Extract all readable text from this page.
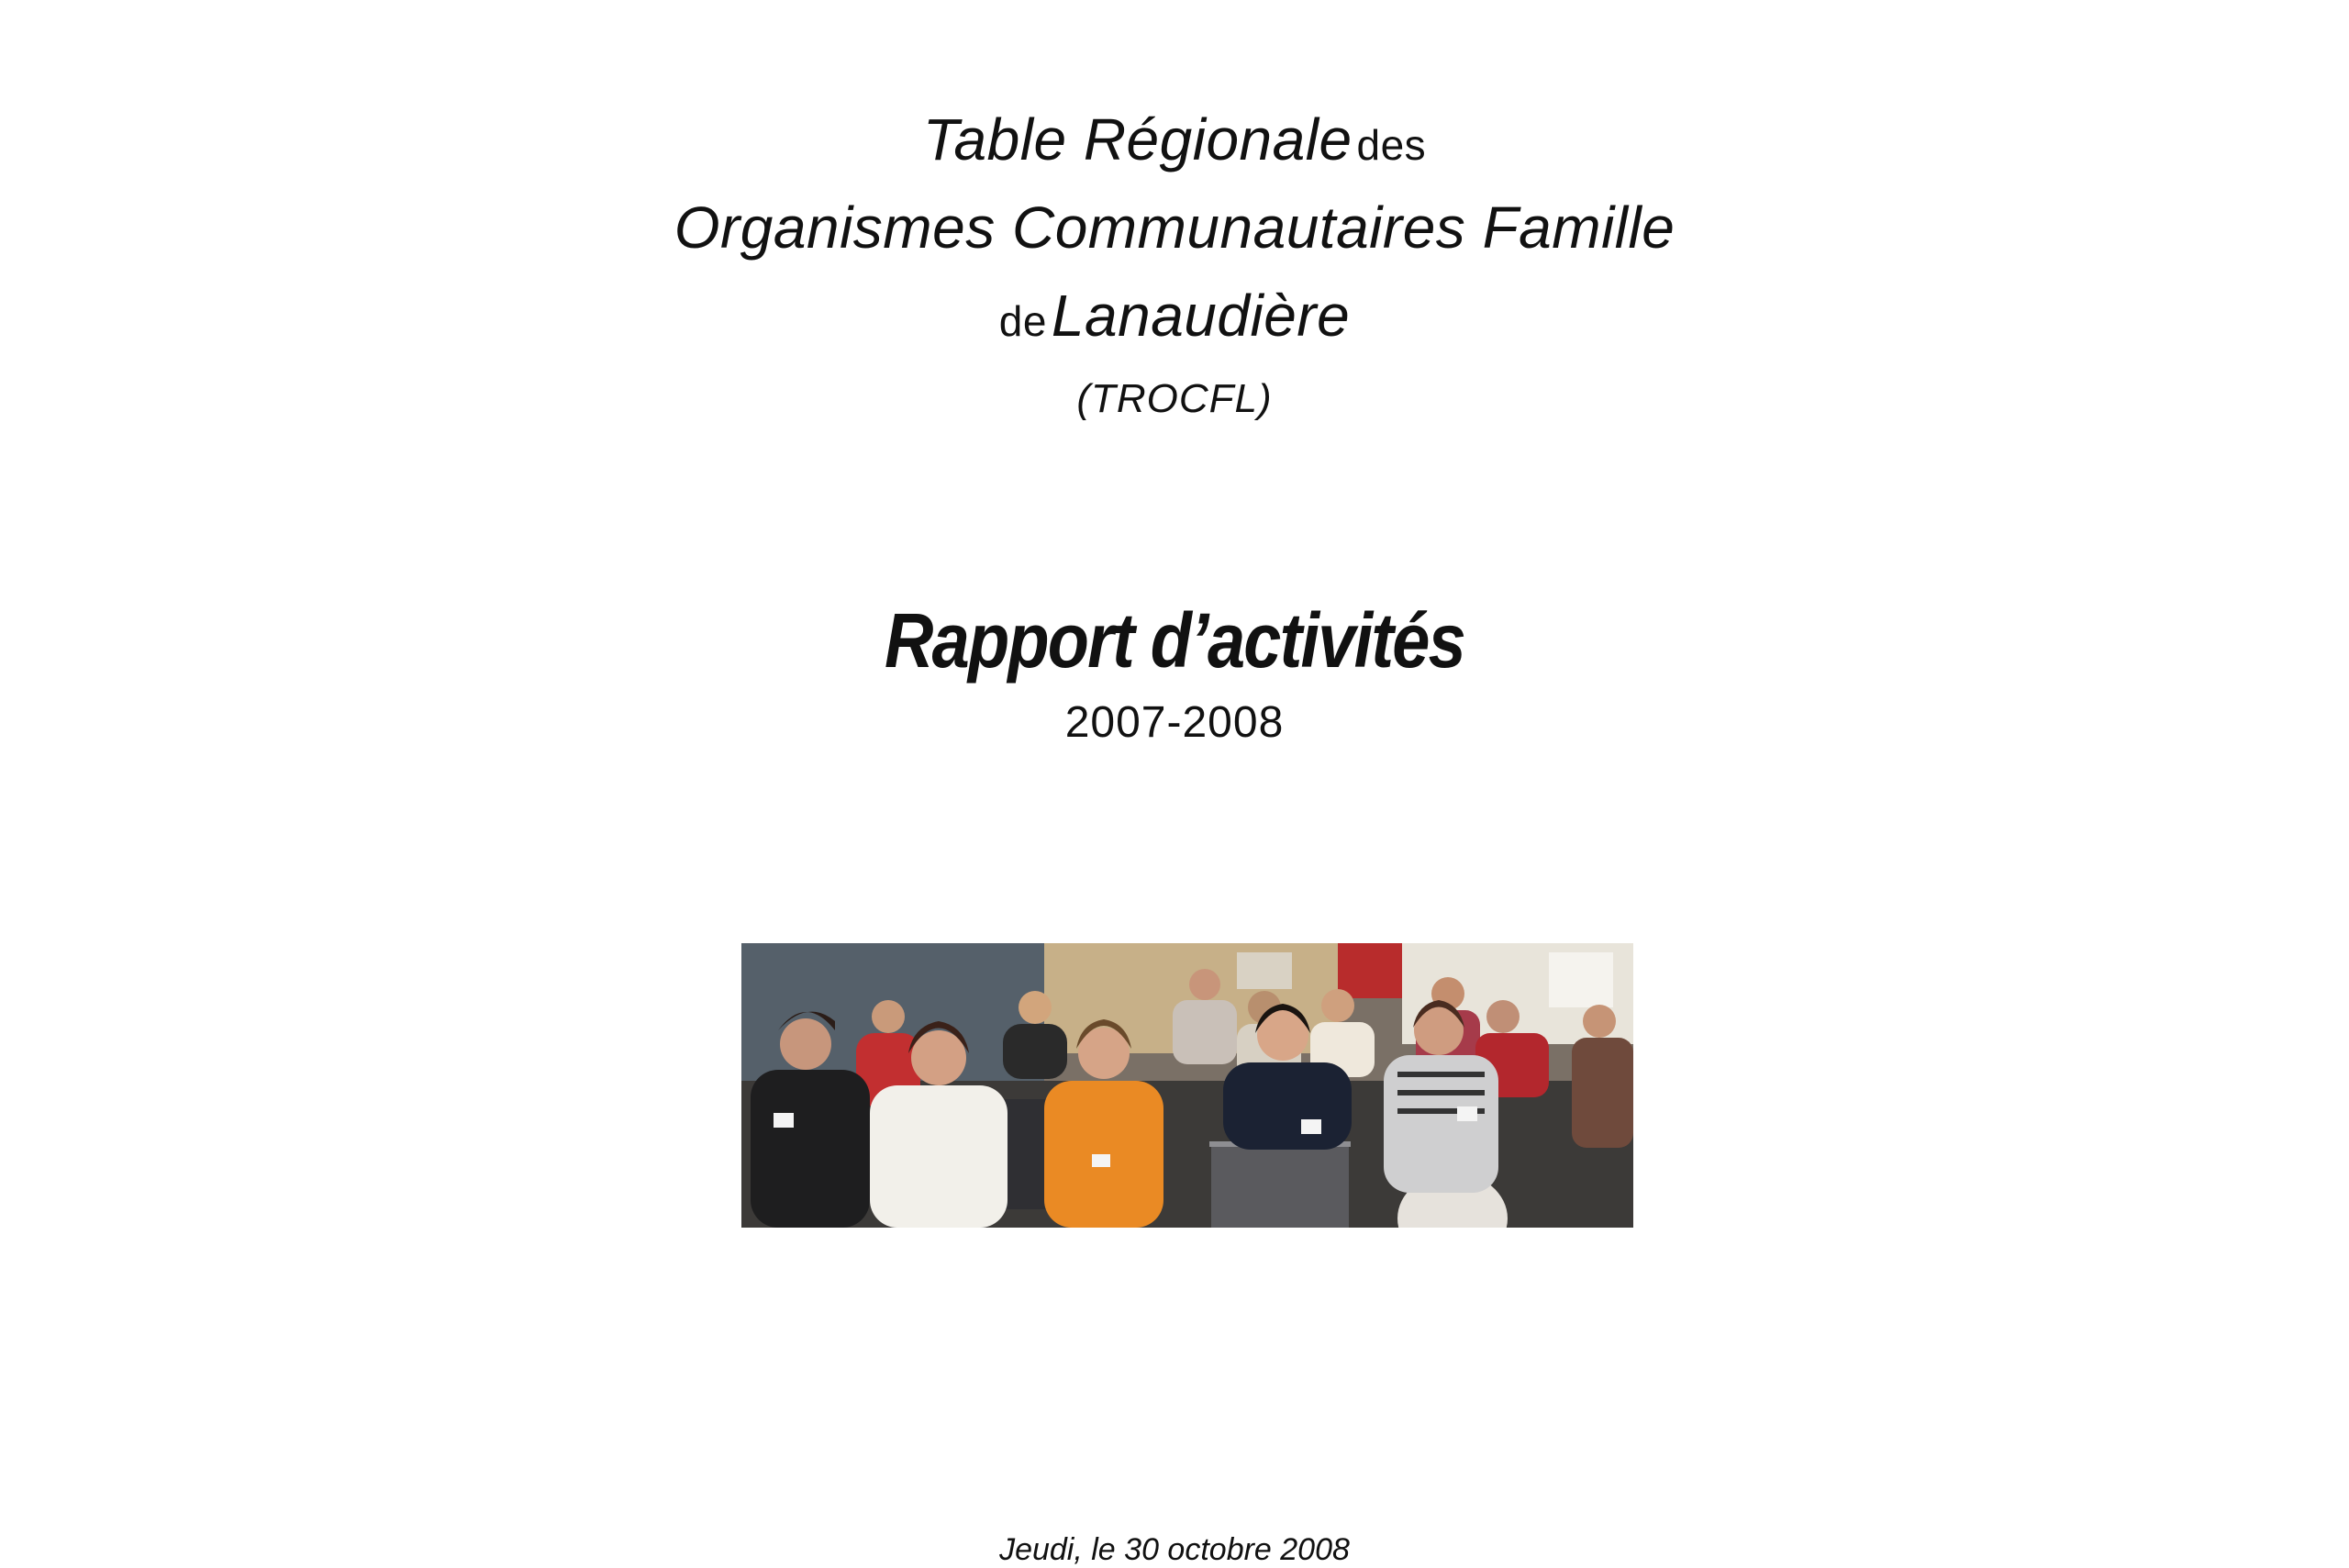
Table Régionale des
Organismes Communautaires Famille
de Lanaudière
(TROCFL)
Rapport d’activités
2007-2008
Jeudi, le 30 octobre 2008
